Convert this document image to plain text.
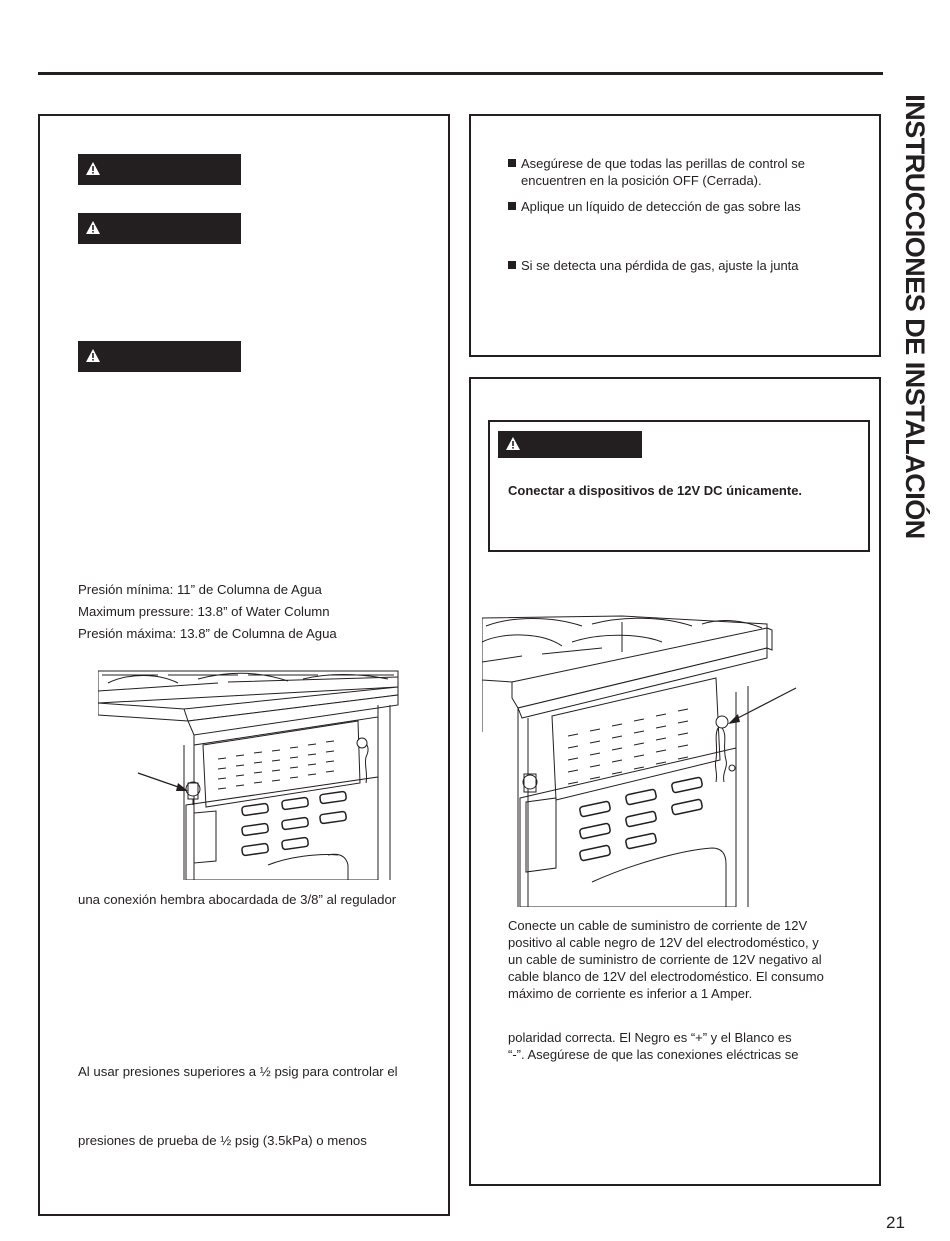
INSTRUCCIONES DE INSTALACIÓN
Presión mínima: 11” de Columna de Agua
Maximum pressure: 13.8” of Water Column
Presión máxima: 13.8” de Columna de Agua
una conexión hembra abocardada de 3/8” al regulador
Al usar presiones superiores a ½ psig para controlar el
presiones de prueba de ½ psig (3.5kPa) o menos
Asegúrese de que todas las perillas de control se
encuentren en la posición OFF (Cerrada).
Aplique un líquido de detección de gas sobre las
Si se detecta una pérdida de gas, ajuste la junta
Conectar a dispositivos de 12V DC únicamente.
Conecte un cable de suministro de corriente de 12V
positivo al cable negro de 12V del electrodoméstico, y
un cable de suministro de corriente de 12V negativo al
cable blanco de 12V del electrodoméstico. El consumo
máximo de corriente es inferior a 1 Amper.
polaridad correcta. El Negro es “+” y el Blanco es
“-”. Asegúrese de que las conexiones eléctricas se
21
